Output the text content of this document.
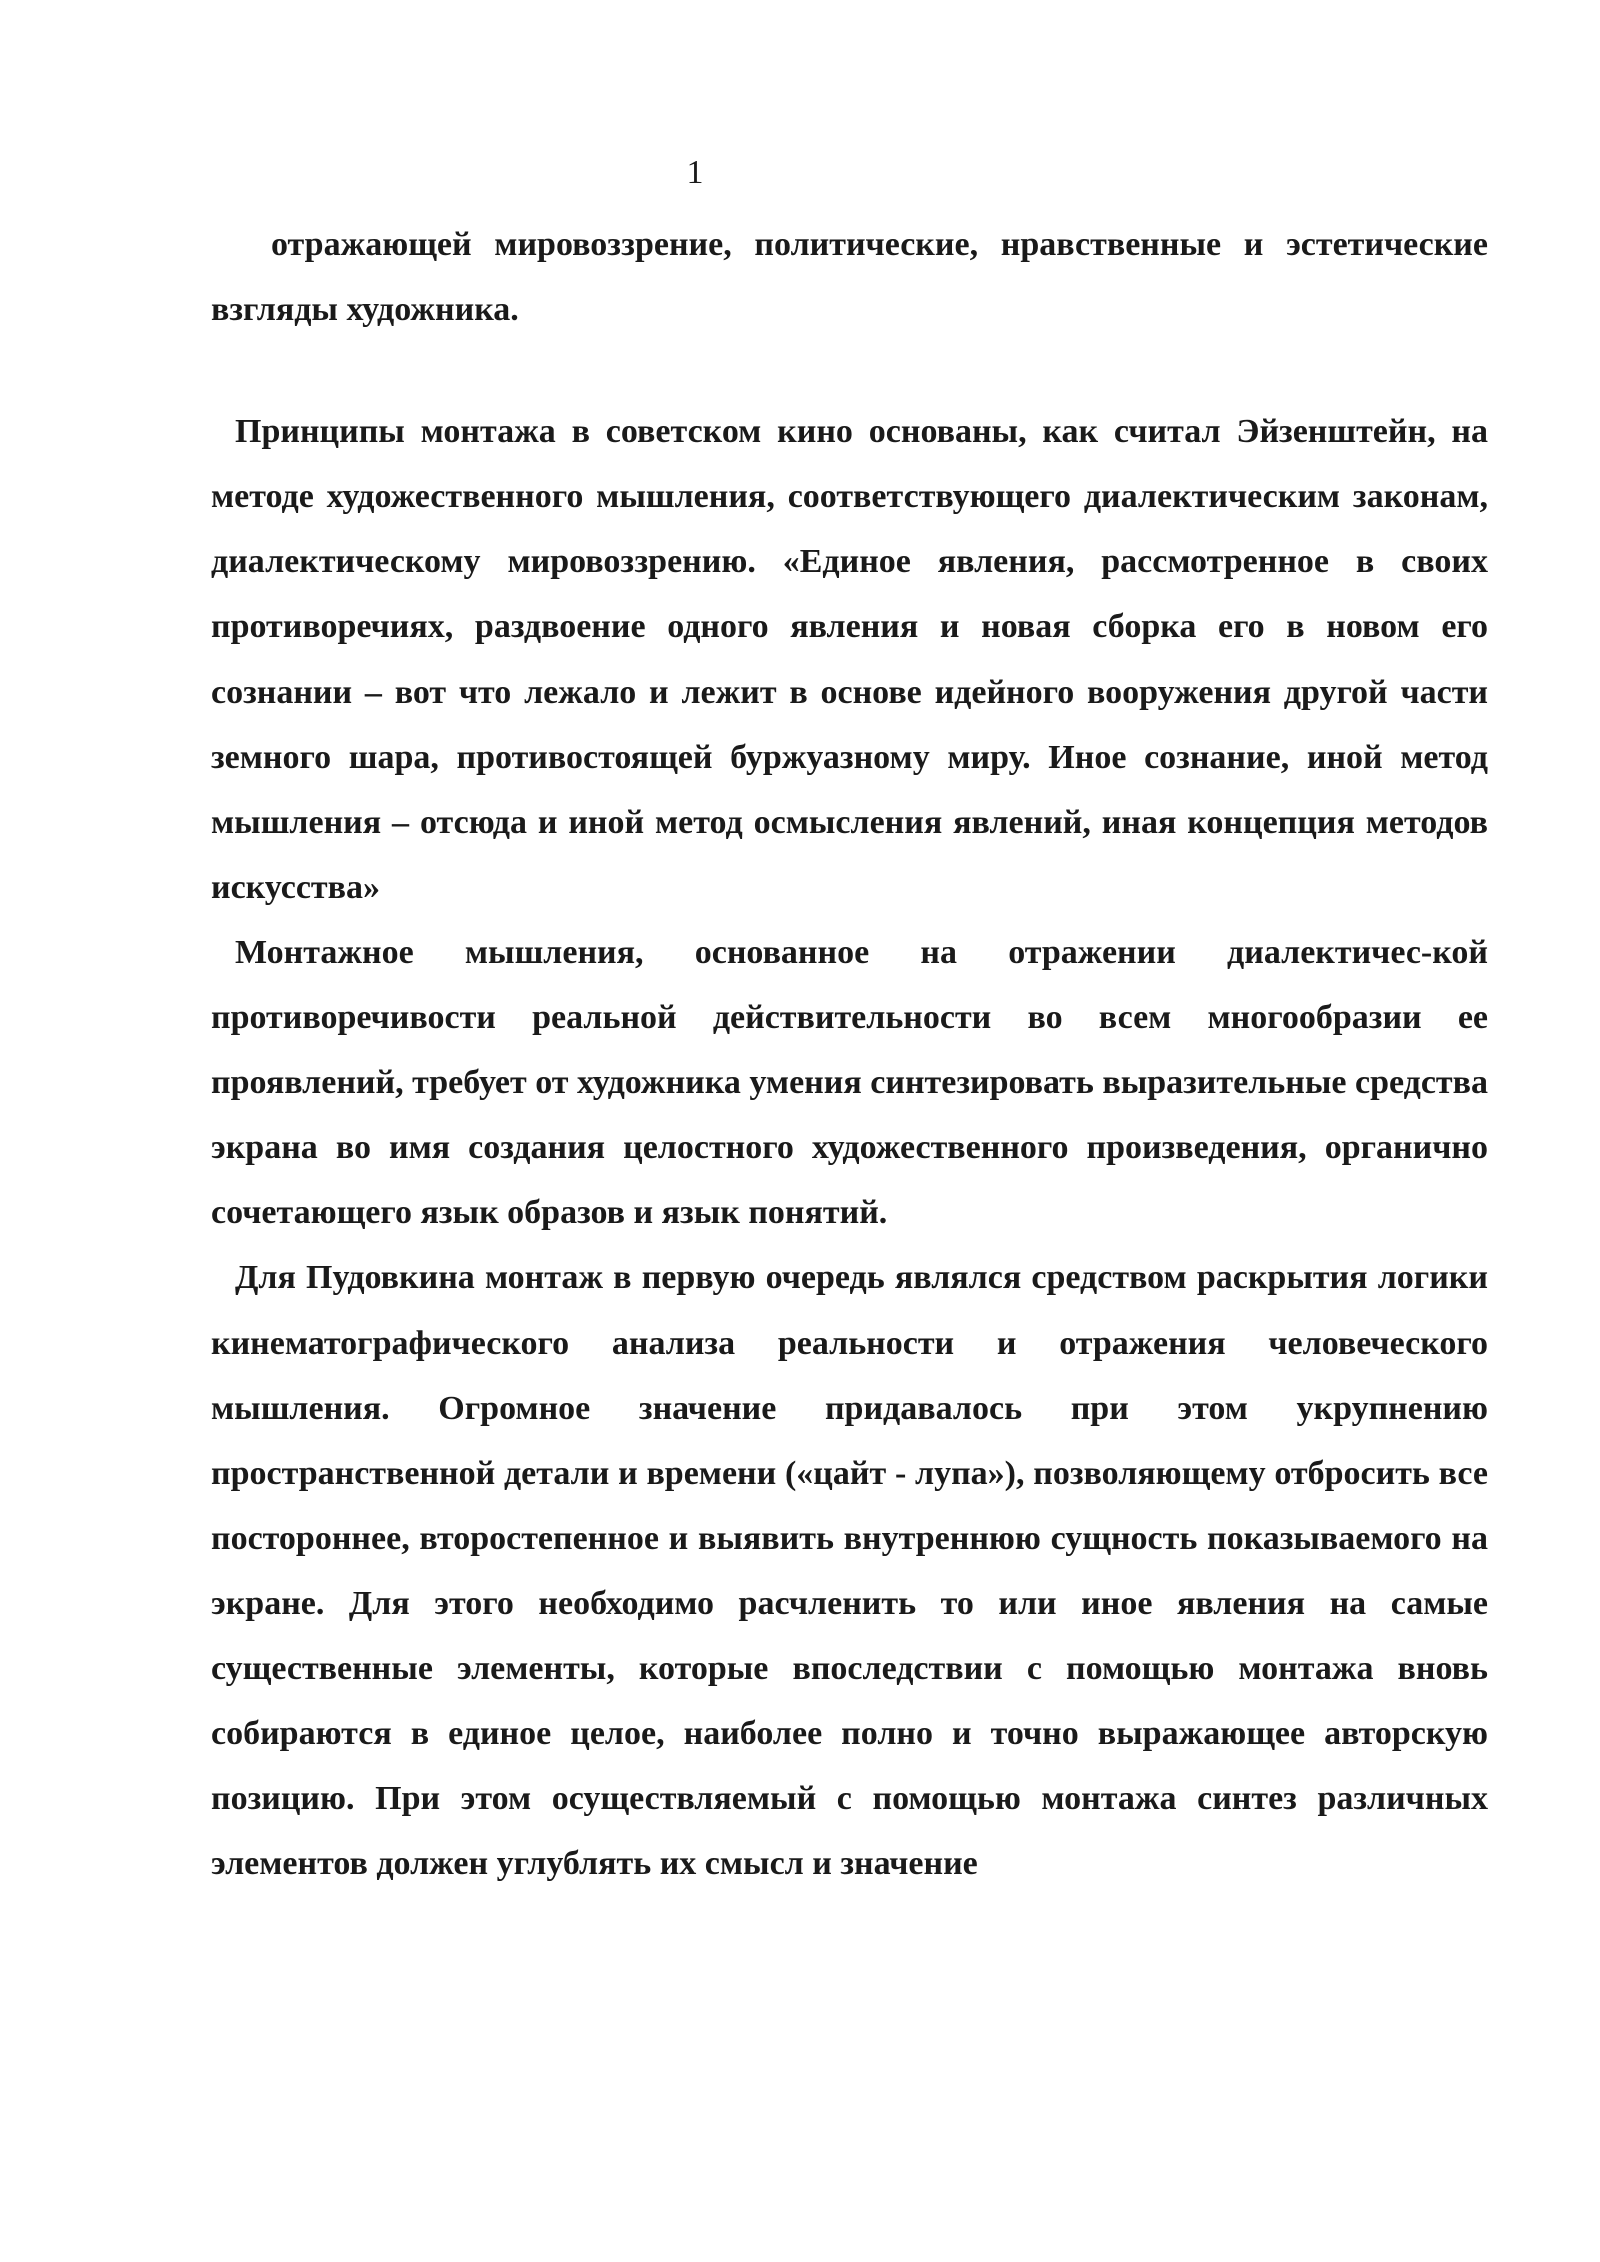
1

отражающей мировоззрение, политические, нравственные и эстетические взгляды художника.

Принципы монтажа в советском кино основаны, как считал Эйзенштейн, на методе художественного мышления, соответствующего диалектическим законам, диалектическому мировоззрению. «Единое явления, рассмотренное в своих противоречиях, раздвоение одного явления и новая сборка его в новом его сознании – вот что лежало и лежит в основе идейного вооружения другой части земного шара, противостоящей буржуазному миру. Иное сознание, иной метод мышления – отсюда и иной метод осмысления явлений, иная концепция методов искусства»

Монтажное мышления, основанное на отражении диалектичес-кой противоречивости реальной действительности во всем многообразии ее проявлений, требует от художника умения синтезировать выразительные средства экрана во имя создания целостного художественного произведения, органично сочетающего язык образов и язык понятий.

Для Пудовкина монтаж в первую очередь являлся средством раскрытия логики кинематографического анализа реальности и отражения человеческого мышления. Огромное значение придавалось при этом укрупнению пространственной детали и времени («цайт - лупа»), позволяющему отбросить все постороннее, второстепенное и выявить внутреннюю сущность показываемого на экране. Для этого необходимо расчленить то или иное явления на самые существенные элементы, которые впоследствии с помощью монтажа вновь собираются в единое целое, наиболее полно и точно выражающее авторскую позицию. При этом осуществляемый с помощью монтажа синтез различных элементов должен углублять их смысл и значение
